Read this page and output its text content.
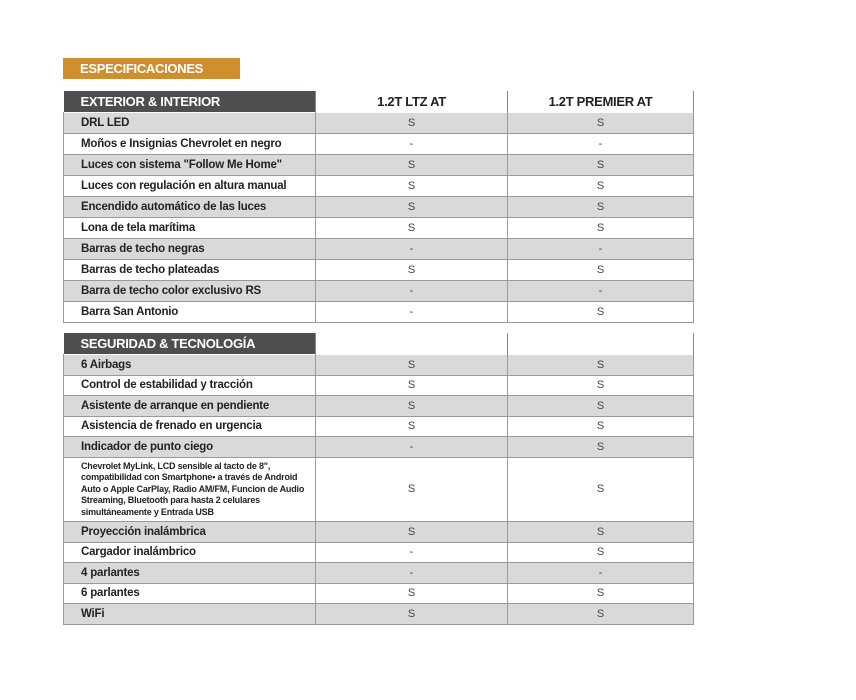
ESPECIFICACIONES
EXTERIOR & INTERIOR	1.2T LTZ AT	1.2T PREMIER AT
DRL LED	S	S
Moños e Insignias Chevrolet en negro	-	-
Luces con sistema "Follow Me Home"	S	S
Luces con regulación en altura manual	S	S
Encendido automático de las luces	S	S
Lona de tela marítima	S	S
Barras de techo negras	-	-
Barras de techo plateadas	S	S
Barra de techo color exclusivo RS	-	-
Barra San Antonio	-	S
SEGURIDAD & TECNOLOGÍA		
6 Airbags	S	S
Control de estabilidad y tracción	S	S
Asistente de arranque en pendiente	S	S
Asistencia de frenado en urgencia	S	S
Indicador de punto ciego	-	S
Chevrolet MyLink, LCD sensible al tacto de 8", compatibilidad con Smartphone• a través de Android Auto o Apple CarPlay, Radio AM/FM, Funcion de Audio Streaming, Bluetooth para hasta 2 celulares simultáneamente y Entrada USB	S	S
Proyección inalámbrica	S	S
Cargador inalámbrico	-	S
4 parlantes	-	-
6 parlantes	S	S
WiFi	S	S
